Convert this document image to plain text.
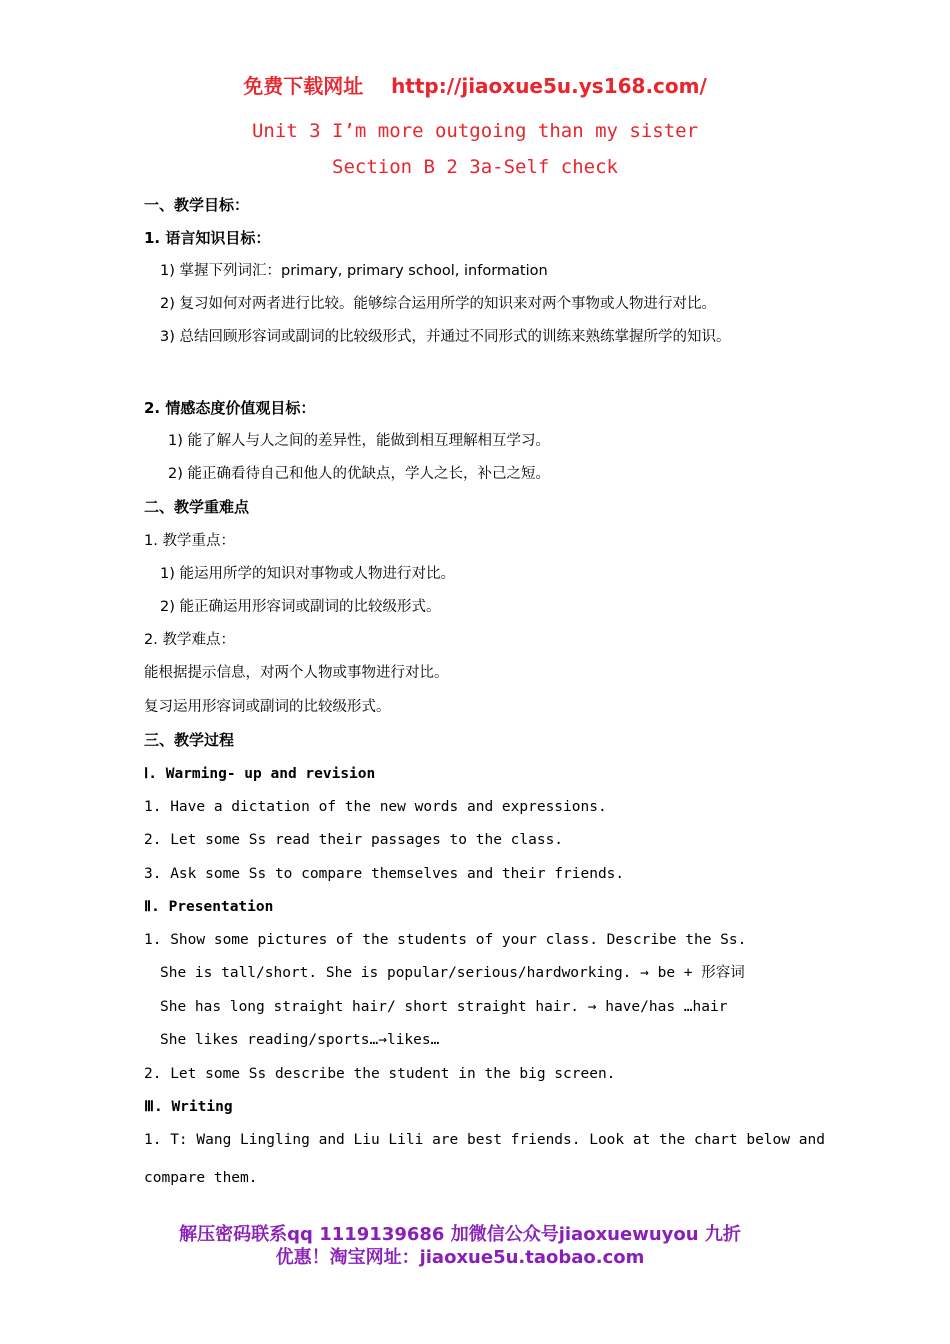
免费下载网址 http://jiaoxue5u.ys168.com/
Unit 3 I’m more outgoing than my sister
Section B 2 3a-Self check
一、教学目标：
1. 语言知识目标：
1) 掌握下列词汇：primary, primary school, information
2) 复习如何对两者进行比较。能够综合运用所学的知识来对两个事物或人物进行对比。
3) 总结回顾形容词或副词的比较级形式，并通过不同形式的训练来熟练掌握所学的知识。
2. 情感态度价值观目标：
1) 能了解人与人之间的差异性，能做到相互理解相互学习。
2) 能正确看待自己和他人的优缺点，学人之长，补己之短。
二、教学重难点
1. 教学重点：
1) 能运用所学的知识对事物或人物进行对比。
2) 能正确运用形容词或副词的比较级形式。
2. 教学难点：
能根据提示信息，对两个人物或事物进行对比。
复习运用形容词或副词的比较级形式。
三、教学过程
Ⅰ. Warming- up and revision
1. Have a dictation of the new words and expressions.
2. Let some Ss read their passages to the class.
3. Ask some Ss to compare themselves and their friends.
Ⅱ. Presentation
1. Show some pictures of the students of your class. Describe the Ss.
She is tall/short. She is popular/serious/hardworking. → be + 形容词
She has long straight hair/ short straight hair. → have/has …hair
She likes reading/sports…→likes…
2. Let some Ss describe the student in the big screen.
Ⅲ. Writing
1. T: Wang Lingling and Liu Lili are best friends. Look at the chart below and
compare them.
解压密码联系qq 1119139686 加微信公众号jiaoxuewuyou 九折
优惠！淘宝网址：jiaoxue5u.taobao.com
